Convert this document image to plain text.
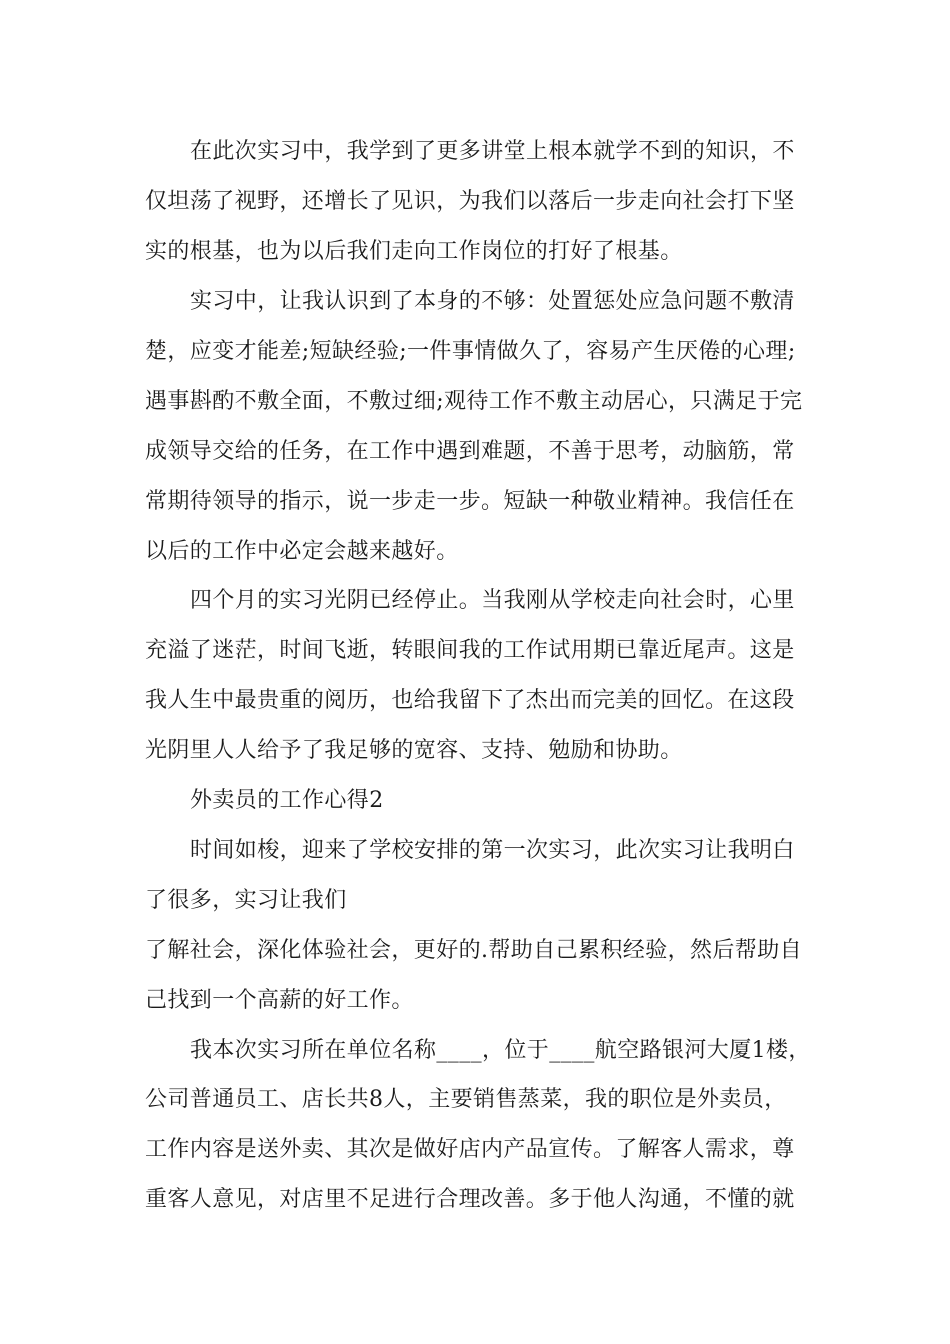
在此次实习中，我学到了更多讲堂上根本就学不到的知识，不
仅坦荡了视野，还增长了见识，为我们以落后一步走向社会打下坚
实的根基，也为以后我们走向工作岗位的打好了根基。
实习中，让我认识到了本身的不够：处置惩处应急问题不敷清
楚，应变才能差;短缺经验;一件事情做久了，容易产生厌倦的心理;
遇事斟酌不敷全面，不敷过细;观待工作不敷主动居心，只满足于完
成领导交给的任务，在工作中遇到难题，不善于思考，动脑筋，常
常期待领导的指示，说一步走一步。短缺一种敬业精神。我信任在
以后的工作中必定会越来越好。
四个月的实习光阴已经停止。当我刚从学校走向社会时，心里
充溢了迷茫，时间飞逝，转眼间我的工作试用期已靠近尾声。这是
我人生中最贵重的阅历，也给我留下了杰出而完美的回忆。在这段
光阴里人人给予了我足够的宽容、支持、勉励和协助。
外卖员的工作心得2
时间如梭，迎来了学校安排的第一次实习，此次实习让我明白
了很多，实习让我们
了解社会，深化体验社会，更好的.帮助自己累积经验，然后帮助自
己找到一个高薪的好工作。
我本次实习所在单位名称____，位于____航空路银河大厦1楼，
公司普通员工、店长共8人，主要销售蒸菜，我的职位是外卖员，
工作内容是送外卖、其次是做好店内产品宣传。了解客人需求，尊
重客人意见，对店里不足进行合理改善。多于他人沟通，不懂的就
